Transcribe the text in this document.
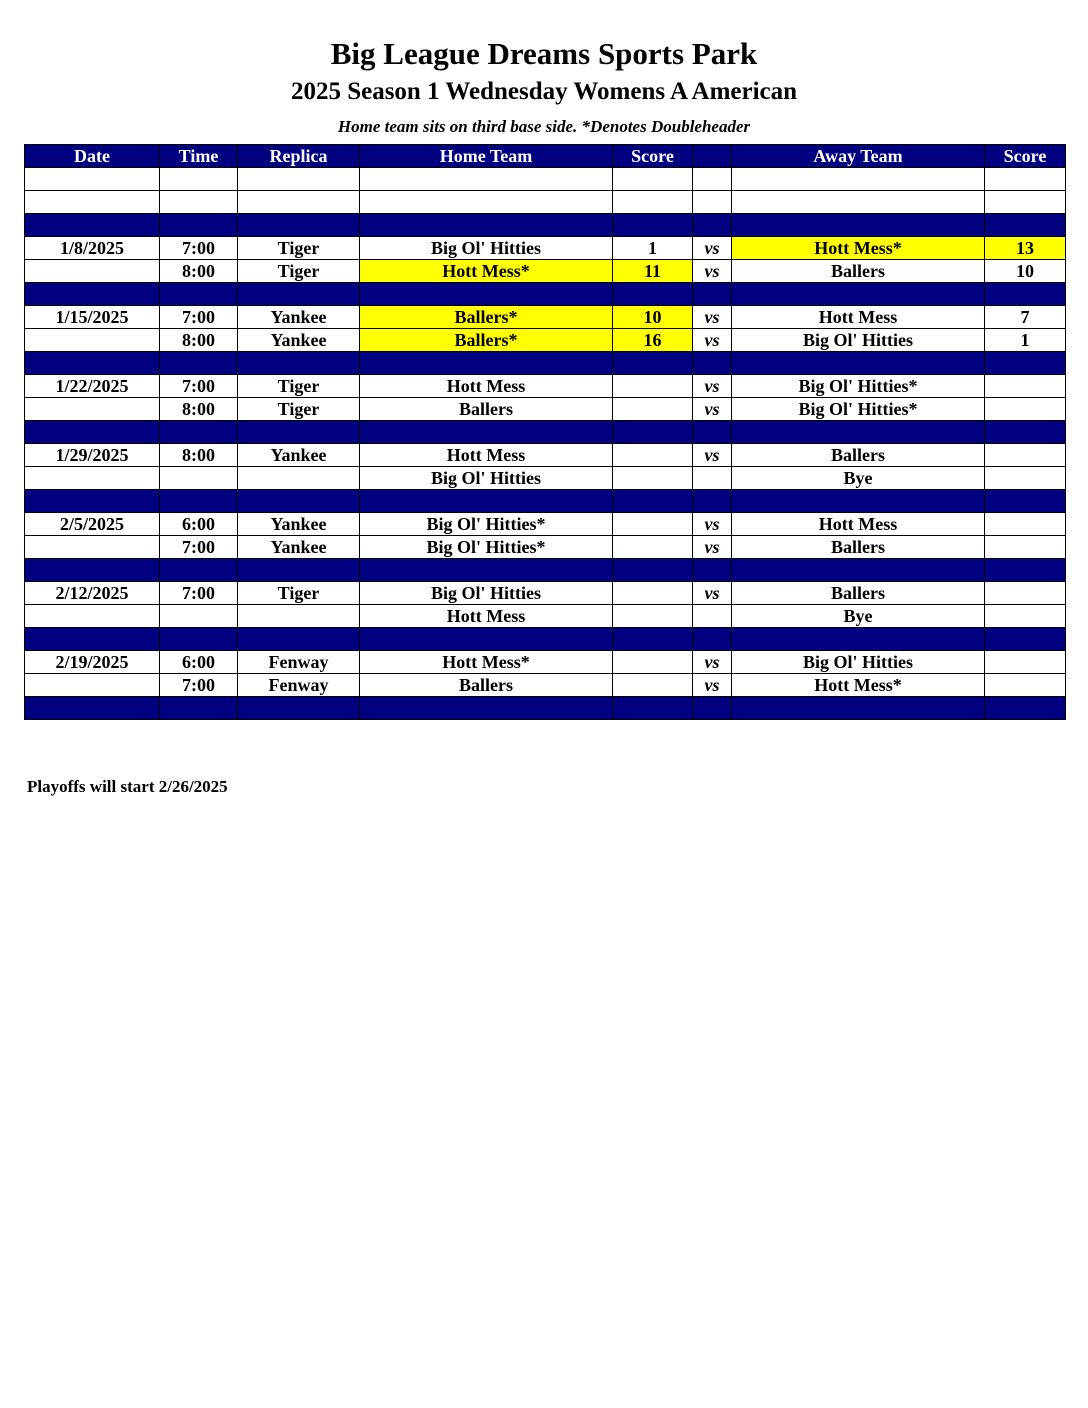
Big League Dreams Sports Park
2025 Season 1 Wednesday Womens A American
Home team sits on third base side. *Denotes Doubleheader
Date	Time	Replica	Home Team	Score		Away Team	Score

1/8/2025	7:00	Tiger	Big Ol' Hitties	1	vs	Hott Mess*	13
	8:00	Tiger	Hott Mess*	11	vs	Ballers	10

1/15/2025	7:00	Yankee	Ballers*	10	vs	Hott Mess	7
	8:00	Yankee	Ballers*	16	vs	Big Ol' Hitties	1

1/22/2025	7:00	Tiger	Hott Mess		vs	Big Ol' Hitties*	
	8:00	Tiger	Ballers		vs	Big Ol' Hitties*	

1/29/2025	8:00	Yankee	Hott Mess		vs	Ballers	
			Big Ol' Hitties			Bye	

2/5/2025	6:00	Yankee	Big Ol' Hitties*		vs	Hott Mess	
	7:00	Yankee	Big Ol' Hitties*		vs	Ballers	

2/12/2025	7:00	Tiger	Big Ol' Hitties		vs	Ballers	
			Hott Mess			Bye	

2/19/2025	6:00	Fenway	Hott Mess*		vs	Big Ol' Hitties	
	7:00	Fenway	Ballers		vs	Hott Mess*	

Playoffs will start 2/26/2025
